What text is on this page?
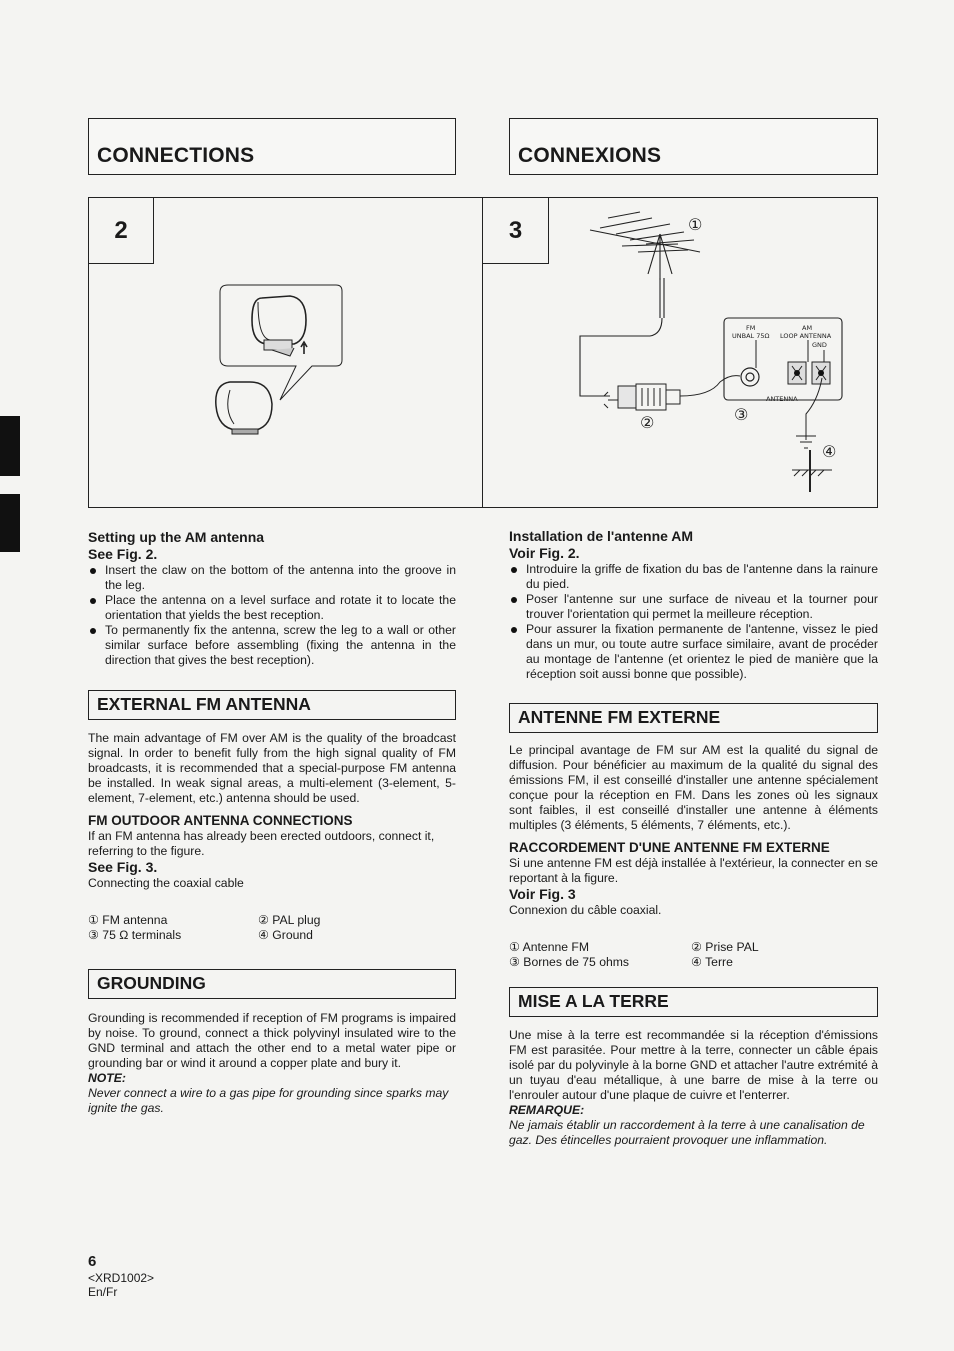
CONNECTIONS	CONNEXIONS
2	3
FM
UNBAL 75Ω
AM
LOOP ANTENNA
GND
ANTENNA
①
②	③
④

Setting up the AM antenna

See Fig. 2.

Insert the claw on the bottom of the antenna into the groove in the leg.
Place the antenna on a level surface and rotate it to locate the orientation that yields the best reception.
To permanently fix the antenna, screw the leg to a wall or other similar surface before assembling (fixing the antenna in the direction that gives the best reception).
EXTERNAL FM ANTENNA

The main advantage of FM over AM is the quality of the broadcast signal. In order to benefit fully from the high signal quality of FM broadcasts, it is recommended that a special-purpose FM antenna be installed. In weak signal areas, a multi-element (3-element, 5-element, 7-element, etc.) antenna should be used.

FM OUTDOOR ANTENNA CONNECTIONS

If an FM antenna has already been erected outdoors, connect it, referring to the figure.

See Fig. 3.

Connecting the coaxial cable

① FM antenna	② PAL plug
③ 75 Ω terminals	④ Ground
GROUNDING

Grounding is recommended if reception of FM programs is impaired by noise. To ground, connect a thick polyvinyl insulated wire to the GND terminal and attach the other end to a metal water pipe or grounding bar or wind it around a copper plate and bury it.

NOTE:

Never connect a wire to a gas pipe for grounding since sparks may ignite the gas.

Installation de l'antenne AM

Voir Fig. 2.

Introduire la griffe de fixation du bas de l'antenne dans la rainure du pied.
Poser l'antenne sur une surface de niveau et la tourner pour trouver l'orientation qui permet la meilleure réception.
Pour assurer la fixation permanente de l'antenne, vissez le pied dans un mur, ou toute autre surface similaire, avant de procéder au montage de l'antenne (et orientez le pied de manière que la réception soit aussi bonne que possible).
ANTENNE FM EXTERNE

Le principal avantage de FM sur AM est la qualité du signal de diffusion. Pour bénéficier au maximum de la qualité du signal des émissions FM, il est conseillé d'installer une antenne spécialement conçue pour la réception en FM. Dans les zones où les signaux sont faibles, il est conseillé d'installer une antenne à éléments multiples (3 éléments, 5 éléments, 7 éléments, etc.).

RACCORDEMENT D'UNE ANTENNE FM EXTERNE

Si une antenne FM est déjà installée à l'extérieur, la connecter en se reportant à la figure.

Voir Fig. 3

Connexion du câble coaxial.

① Antenne FM	② Prise PAL
③ Bornes de 75 ohms	④ Terre
MISE A LA TERRE

Une mise à la terre est recommandée si la réception d'émissions FM est parasitée. Pour mettre à la terre, connecter un câble épais isolé par du polyvinyle à la borne GND et attacher l'autre extrémité à un tuyau d'eau métallique, à une barre de mise à la terre ou l'enrouler autour d'une plaque de cuivre et l'enterrer.

REMARQUE:

Ne jamais établir un raccordement à la terre à une canalisation de gaz. Des étincelles pourraient provoquer une inflammation.

6
<XRD1002>
En/Fr
